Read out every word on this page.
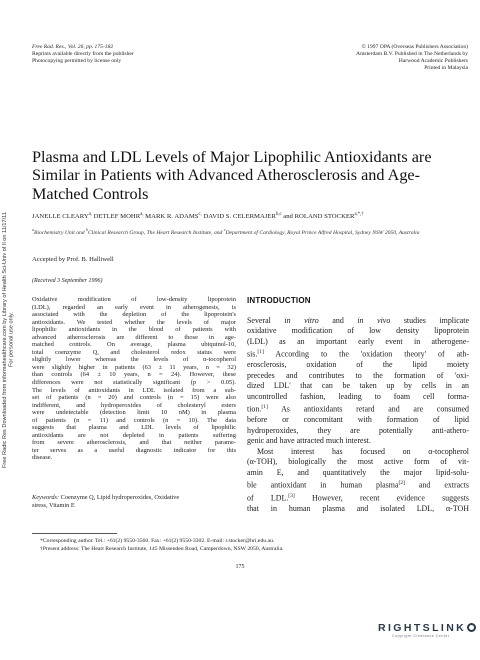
Free Radic Res Downloaded from informahealthcare.com by Library of Health Sci-Univ of Il on 11/17/11 For personal use only.
Free Rad. Res., Vol. 26, pp. 175-182
Reprints available directly from the publisher
Photocopying permitted by license only
© 1997 OPA (Overseas Publishers Association)
Amsterdam B.V. Published in The Netherlands by
Harwood Academic Publishers
Printed in Malaysia
Plasma and LDL Levels of Major Lipophilic Antioxidants are Similar in Patients with Advanced Atherosclerosis and Age-Matched Controls
JANELLE $CLEARY^{a,}$ DETLEF $MOHR^{a,}$ MARK R. $ADAMS^{c,}$ DAVID S. CELERMAJER$^{b,c}$ and ROLAND $STOCKER^{a,*,\dagger}$
$^a$Biochemistry Unit and $^b$Clinical Research Group, The Heart Research Institute, and $^c$Department of Cardiology, Royal Prince Alfred Hospital, Sydney NSW 2050, Australia
Accepted by Prof. B. Halliwell
(Received 3 September 1996)
Oxidative modification of low-density lipoprotein
(LDL), regarded an early event in atherogenesis, is
associated with the depletion of the lipoprotein's
antioxidants. We tested whether the levels of major
lipophilic antioxidants in the blood of patients with
advanced atherosclerosis are different to those in age-
matched controls. On average, plasma ubiquinol-10,
total coenzyme Q, and cholesterol redox status were
slightly lower whereas the levels of α-tocopherol
were slightly higher in patients (63 ± 11 years, n = 32)
than controls (64 ± 10 years, n = 24). However, these
differences were not statistically significant (p > 0.05).
The levels of antioxidants in LDL isolated from a sub-
set of patients (n = 20) and controls (n = 15) were also
indifferent, and hydroperoxides of cholesteryl esters
were undetectable (detection limit 10 nM) in plasma
of patients (n = 11) and controls (n = 10). The data
suggests that plasma and LDL levels of lipophilic
antioxidants are not depleted in patients suffering
from severe atherosclerosis, and that neither parame-
ter serves as a useful diagnostic indicator for this
disease.
Keywords: Coenzyme Q, Lipid hydroperoxides, Oxidative
stress, Vitamin E
INTRODUCTION
Several in vitro and in vivo studies implicate
oxidative modification of low density lipoprotein
(LDL) as an important early event in atherogene-
sis.[1] According to the 'oxidation theory' of ath-
erosclerosis, oxidation of the lipid moiety
precedes and contributes to the formation of 'oxi-
dized LDL' that can be taken up by cells in an
uncontrolled fashion, leading to foam cell forma-
tion.[1] As antioxidants retard and are consumed
before or concomitant with formation of lipid
hydroperoxides, they are potentially anti-athero-
genic and have attracted much interest.
Most interest has focused on α-tocopherol
(α-TOH), biologically the most active form of vit-
amin E, and quantitatively the major lipid-solu-
ble antioxidant in human plasma[2] and extracts
of LDL.[3] However, recent evidence suggests
that in human plasma and isolated LDL, α-TOH
*Corresponding author. Tel.: +61(2) 9550-3560. Fax: +61(2) 9550-3302. E-mail: r.stocker@hri.edu.au.
†Present address: The Heart Research Institute, 145 Missenden Road, Camperdown, NSW 2050, Australia.
175
RIGHTSLINK
Copyright Clearance Center
